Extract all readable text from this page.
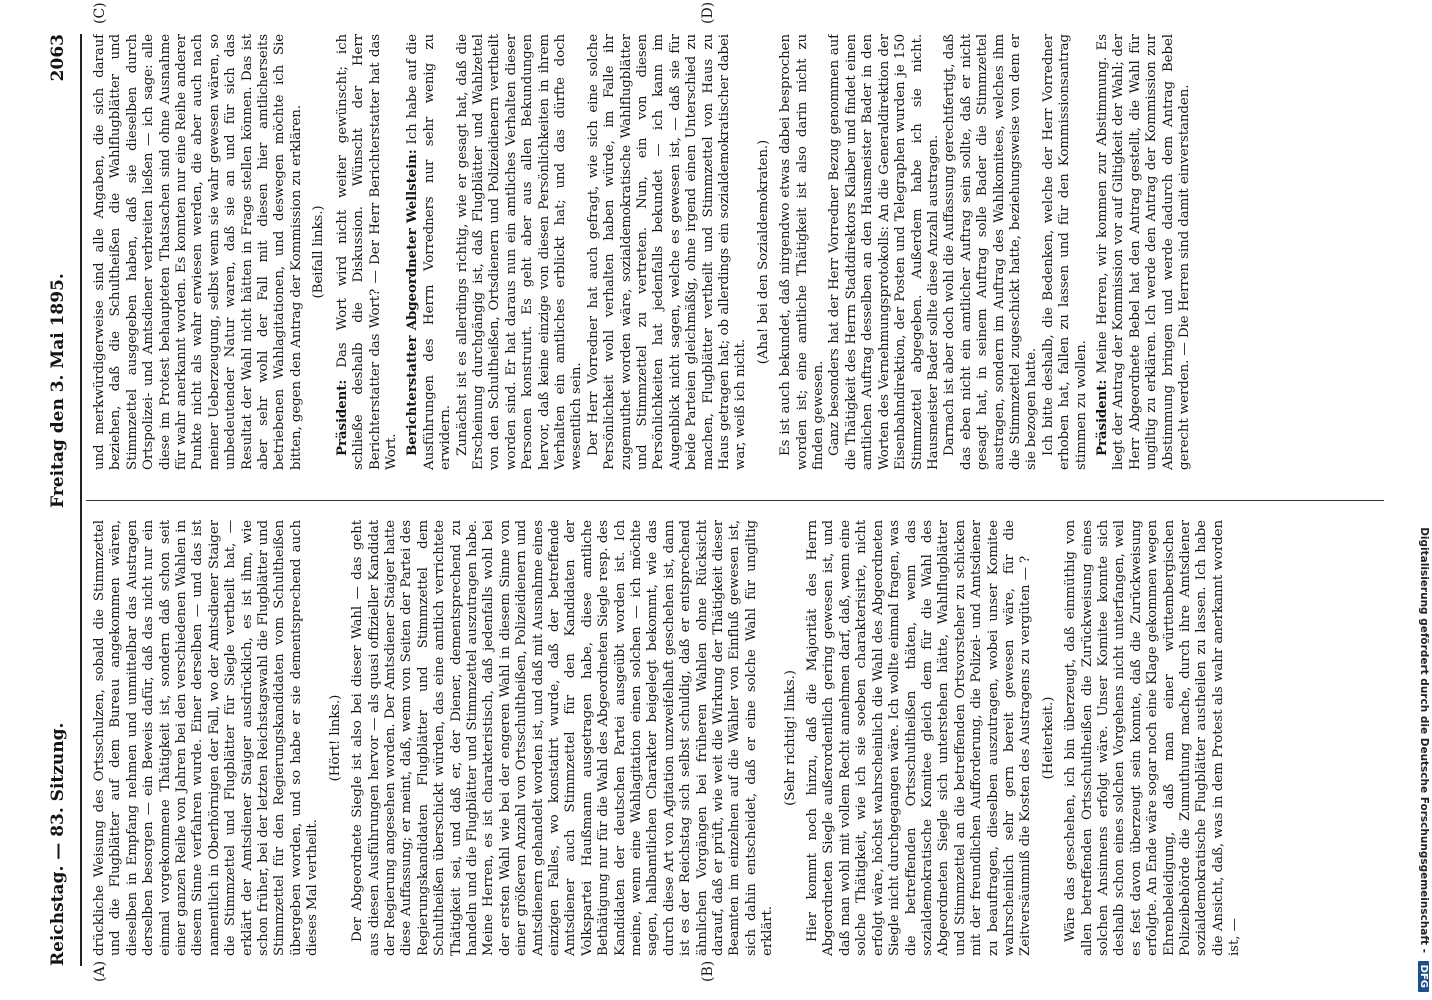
Reichstag. — 83. Sitzung.
Freitag den 3. Mai 1895.  2063
(A)	(B)
(C)	(D)

drückliche Weisung des Ortsschulzen, sobald die Stimmzettel und die Flugblätter auf dem Bureau angekommen wären, dieselben in Empfang nehmen und unmittelbar das Austragen derselben besorgen — ein Beweis dafür, daß das nicht nur ein einmal vorgekommene Thätigkeit ist, sondern daß schon seit einer ganzen Reihe von Jahren bei den verschiedenen Wahlen in diesem Sinne verfahren wurde. Einer derselben — und das ist namentlich in Oberhörnigen der Fall, wo der Amtsdiener Staiger die Stimmzettel und Flugblätter für Siegle vertheilt hat, — erklärt der Amtsdiener Staiger ausdrücklich, es ist ihm, wie schon früher, bei der letzten Reichstagswahl die Flugblätter und Stimmzettel für den Regierungskandidaten vom Schultheißen übergeben worden, und so habe er sie dementsprechend auch dieses Mal vertheilt.

(Hört! links.) Der Abgeordnete Siegle ist also bei dieser Wahl — das geht aus diesen Ausführungen hervor — als quasi offizieller Kandidat der Regierung angesehen worden. Der Amtsdiener Staiger hatte diese Auffassung; er meint, daß, wenn von Seiten der Partei des Regierungskandidaten Flugblätter und Stimmzettel dem Schultheißen überschickt würden, das eine amtlich verrichtete Thätigkeit sei, und daß er, der Diener, dementsprechend zu handeln und die Flugblätter und Stimmzettel auszutragen habe. Meine Herren, es ist charakteristisch, daß jedenfalls wohl bei der ersten Wahl wie bei der engeren Wahl in diesem Sinne von einer größeren Anzahl von Ortsschultheißen, Polizeidienern und Amtsdienern gehandelt worden ist, und daß mit Ausnahme eines einzigen Falles, wo konstatirt wurde, daß der betreffende Amtsdiener auch Stimmzettel für den Kandidaten der Volkspartei Haußmann ausgetragen habe, diese amtliche Bethätigung nur für die Wahl des Abgeordneten Siegle resp. des Kandidaten der deutschen Partei ausgeübt worden ist. Ich meine, wenn eine Wahlagitation einen solchen — ich möchte sagen, halbamtlichen Charakter beigelegt bekommt, wie das durch diese Art von Agitation unzweifelhaft geschehen ist, dann ist es der Reichstag sich selbst schuldig, daß er entsprechend ähnlichen Vorgängen bei früheren Wahlen ohne Rücksicht darauf, daß er prüft, wie weit die Wirkung der Thätigkeit dieser Beamten im einzelnen auf die Wähler von Einfluß gewesen ist, sich dahin entscheidet, daß er eine solche Wahl für ungiltig erklärt.

(Sehr richtig! links.) Hier kommt noch hinzu, daß die Majorität des Herrn Abgeordneten Siegle außerordentlich gering gewesen ist, und daß man wohl mit vollem Recht annehmen darf, daß, wenn eine solche Thätigkeit, wie ich sie soeben charakterisirte, nicht erfolgt wäre, höchst wahrscheinlich die Wahl des Abgeordneten Siegle nicht durchgegangen wäre. Ich wollte einmal fragen, was die betreffenden Ortsschultheißen thäten, wenn das sozialdemokratische Komitee gleich dem für die Wahl des Abgeordneten Siegle sich unterstehen hätte, Wahlflugblätter und Stimmzettel an die betreffenden Ortsvorsteher zu schicken mit der freundlichen Aufforderung, die Polizei- und Amtsdiener zu beauftragen, dieselben auszutragen, wobei unser Komitee wahrscheinlich sehr gern bereit gewesen wäre, für die Zeitversäumniß die Kosten des Austragens zu vergüten — ? (Heiterkeit.) Wäre das geschehen, ich bin überzeugt, daß einmüthig von allen betreffenden Ortsschultheißen die Zurückweisung eines solchen Ansinnens erfolgt wäre. Unser Komitee konnte sich deshalb schon eines solchen Vorgehens nicht unterfangen, weil es fest davon überzeugt sein konnte, daß die Zurückweisung erfolgte. An Ende wäre sogar noch eine Klage gekommen wegen Ehrenbeleidigung, daß man einer württembergischen Polizeibehörde die Zumuthung mache, durch ihre Amtsdiener sozialdemokratische Flugblätter austheilen zu lassen. Ich habe die Ansicht, daß, was in dem Protest als wahr anerkannt worden ist, —

und merkwürdigerweise sind alle Angaben, die sich darauf beziehen, daß die Schultheißen die Wahlflugblätter und Stimmzettel ausgegeben haben, daß sie dieselben durch Ortspolizei- und Amtsdiener verbreiten ließen — ich sage: alle diese im Protest behaupteten Thatsachen sind ohne Ausnahme für wahr anerkannt worden. Es konnten nur eine Reihe anderer Punkte nicht als wahr erwiesen werden, die aber auch nach meiner Ueberzeugung, selbst wenn sie wahr gewesen wären, so unbedeutender Natur waren, daß sie an und für sich das Resultat der Wahl nicht hätten in Frage stellen können. Das ist aber sehr wohl der Fall mit diesen hier amtlicherseits betriebenen Wahlagitationen, und deswegen möchte ich Sie bitten, gegen den Antrag der Kommission zu erklären. (Beifall links.)

Präsident: Das Wort wird nicht weiter gewünscht; ich schließe deshalb die Diskussion. Wünscht der Herr Berichterstatter das Wort? — Der Herr Berichterstatter hat das Wort. Berichterstatter Abgeordneter Wellstein: Ich habe auf die Ausführungen des Herrn Vorredners nur sehr wenig zu erwidern. Zunächst ist es allerdings richtig, wie er gesagt hat, daß die Erscheinung durchgängig ist, daß Flugblätter und Wahlzettel von den Schultheißen, Ortsdienern und Polizeidienern vertheilt worden sind. Er hat daraus nun ein amtliches Verhalten dieser Personen konstruirt. Es geht aber aus allen Bekundungen hervor, daß keine einzige von diesen Persönlichkeiten in ihrem Verhalten ein amtliches erblickt hat; und das dürfte doch wesentlich sein. Der Herr Vorredner hat auch gefragt, wie sich eine solche Persönlichkeit wohl verhalten haben würde, im Falle ihr zugemuthet worden wäre, sozialdemokratische Wahlflugblätter und Stimmzettel zu vertreten. Nun, ein von diesen Persönlichkeiten hat jedenfalls bekundet — ich kann im Augenblick nicht sagen, welche es gewesen ist, — daß sie für beide Parteien gleichmäßig, ohne irgend einen Unterschied zu machen, Flugblätter vertheilt und Stimmzettel von Haus zu Haus getragen hat; ob allerdings ein sozialdemokratischer dabei war, weiß ich nicht.

(Aha! bei den Sozialdemokraten.) Es ist auch bekundet, daß nirgendwo etwas dabei besprochen worden ist; eine amtliche Thätigkeit ist also darin nicht zu finden gewesen. Ganz besonders hat der Herr Vorredner Bezug genommen auf die Thätigkeit des Herrn Stadtdirektors Klaiber und findet einen amtlichen Auftrag desselben an den Hausmeister Bader in den Worten des Vernehmungsprotokolls: An die Generaldirektion der Eisenbahndirektion, der Posten und Telegraphen wurden je 150 Stimmzettel abgegeben. Außerdem habe ich sie nicht. Hausmeister Bader sollte diese Anzahl austragen. Darnach ist aber doch wohl die Auffassung gerechtfertigt, daß das eben nicht ein amtlicher Auftrag sein sollte, daß er nicht gesagt hat, in seinem Auftrag solle Bader die Stimmzettel austragen, sondern im Auftrag des Wahlkomitees, welches ihm die Stimmzettel zugeschickt hatte, beziehungsweise von dem er sie bezogen hatte. Ich bitte deshalb, die Bedenken, welche der Herr Vorredner erhoben hat, fallen zu lassen und für den Kommissionsantrag stimmen zu wollen. Präsident: Meine Herren, wir kommen zur Abstimmung. Es liegt der Antrag der Kommission vor auf Giltigkeit der Wahl; der Herr Abgeordnete Bebel hat den Antrag gestellt, die Wahl für ungiltig zu erklären. Ich werde den Antrag der Kommission zur Abstimmung bringen und werde dadurch dem Antrag Bebel gerecht werden. — Die Herren sind damit einverstanden.

Digitalisierung gefördert durch die Deutsche Forschungsgemeinschaft - DFG
